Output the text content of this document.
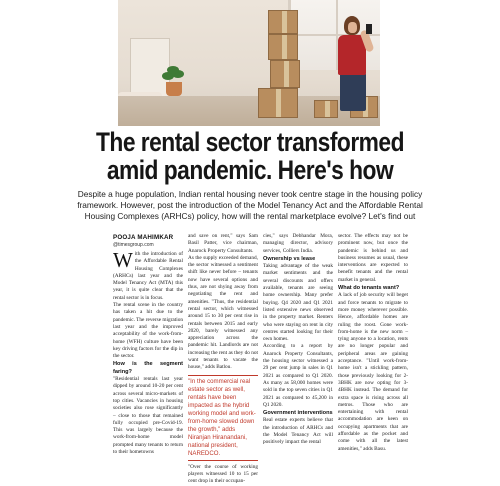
The rental sector transformed
amid pandemic. Here's how
Despite a huge population, Indian rental housing never took centre stage in the housing policy framework. However, post the introduction of the Model Tenancy Act and the Affordable Rental Housing Complexes (ARHCs) policy, how will the rental marketplace evolve? Let's find out
POOJA MAHIMKAR
@timesgroup.com

With the introduction of the Affordable Rental Housing Complexes (ARHCs) last year and the Model Tenancy Act (MTA) this year, it is quite clear that the rental sector is in focus.

The rental scene in the country has taken a hit due to the pandemic. The reverse migration last year and the improved acceptability of the work-from-home (WFH) culture have been key driving factors for the dip in the sector.

How is the segment faring?

"Residential rentals last year dipped by around 10-20 per cent across several micro-markets of top cities. Vacancies in housing societies also rose significantly – close to those that remained fully occupied pre-Covid-19. This was largely because the work-from-home model prompted many tenants to return to their hometowns

and save on rent," says Sam Basil Patter, vice chairman, Anarock Property Consultants.

As the supply exceeded demand, the sector witnessed a sentiment shift like never before – tenants now have several options and thus, are not shying away from negotiating the rent and amenities. "Thus, the residential rental sector, which witnessed around 15 to 30 per cent rise in rentals between 2015 and early 2020, barely witnessed any appreciation across the pandemic hit. Landlords are not increasing the rent as they do not want tenants to vacate the house," adds Batlou.

"In the commercial real estate sector as well, rentals have been impacted as the hybrid working model and work-from-home slowed down the growth," adds Niranjan Hiranandani, national president, NAREDCO.

"Over the course of working players witnessed 10 to 15 per cent drop in their occupan-

cies," says Debhandar Mora, managing director, advisory services, Colliers India.

Ownership vs lease

Taking advantage of the weak market sentiments and the several discounts and offers available, tenants are seeing home ownership. Many prefer buying. Q4 2020 and Q1 2021 listed extensive news observed in the property market. Renters who were staying on rent in city centres started looking for their own homes.

According to a report by Anarock Property Consultants, the housing sector witnessed a 29 per cent jump in sales in Q1 2021 as compared to Q1 2020. As many as 58,000 homes were sold in the top seven cities in Q1 2021 as compared to 45,200 in Q1 2020.

Government interventions

Real estate experts believe that the introduction of ARHCs and the Model Tenancy Act will positively impact the rental

sector. The effects may not be prominent now, but once the pandemic is behind us and business resumes as usual, these interventions are expected to benefit tenants and the rental market in general.

What do tenants want?

A lack of job security will beget and force tenants to migrate to more money wherever possible. Hence, affordable homes are ruling the roost. Gone work-from-home is the new norm – tying anyone to a location, rents are no longer popular and peripheral areas are gaining acceptance. "Until work-from-home isn't a stickling pattern, those previously looking for 2-3BHK are now opting for 3-4BHK instead. The demand for extra space is rising across all metros. Those who are entertaining with rental accommodation are keen on occupying apartments that are affordable as the pocket and come with all the latest amenities," adds Basu.
